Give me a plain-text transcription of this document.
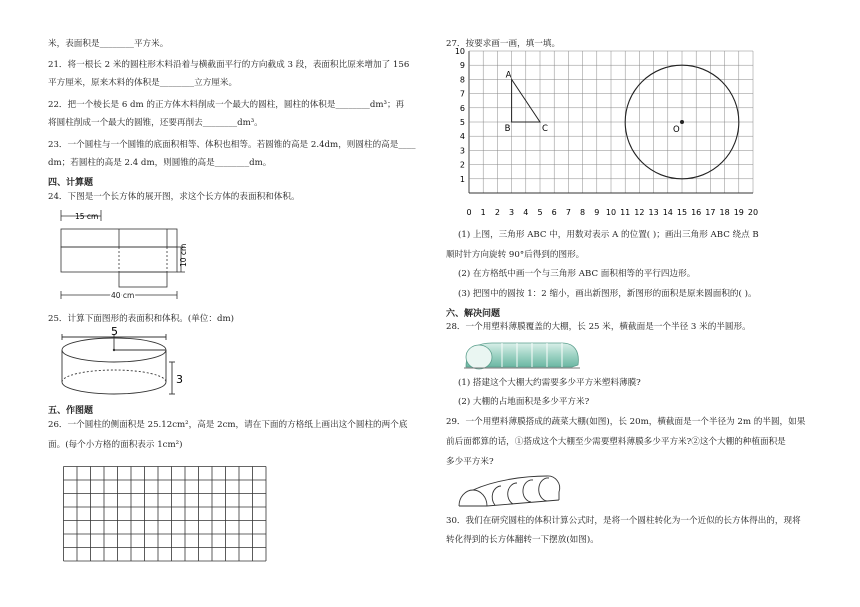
米，表面积是________平方米。
21．将一根长 2 米的圆柱形木料沿着与横截面平行的方向截成 3 段，表面积比原来增加了 156
平方厘米，原来木料的体积是________立方厘米。
22．把一个棱长是 6 dm 的正方体木料削成一个最大的圆柱，圆柱的体积是________dm³；再
将圆柱削成一个最大的圆锥，还要再削去________dm³。
23．一个圆柱与一个圆锥的底面积相等、体积也相等。若圆锥的高是 2.4dm，则圆柱的高是____
dm；若圆柱的高是 2.4 dm，则圆锥的高是________dm。
四、计算题
24．下图是一个长方体的展开图，求这个长方体的表面积和体积。
15 cm
10 cm
40 cm
25．计算下面图形的表面积和体积。(单位：dm)
5
3
五、作图题
26．一个圆柱的侧面积是 25.12cm²，高是 2cm，请在下面的方格纸上画出这个圆柱的两个底
面。(每个小方格的面积表示 1cm²)
27．按要求画一画，填一填。
0 1 2 3 4 5 6 7 8 9 10 11 12 13 14 15 16 17 18 19 20
1
2
3
4
5
6
7
8
9
10
A
B	C	O
(1) 上图，三角形 ABC 中，用数对表示 A 的位置( )；画出三角形 ABC 绕点 B
顺时针方向旋转 90°后得到的图形。
(2) 在方格纸中画一个与三角形 ABC 面积相等的平行四边形。
(3) 把图中的圆按 1：2 缩小，画出新图形，新图形的面积是原来圆面积的( )。
六、解决问题
28．一个用塑料薄膜覆盖的大棚，长 25 米，横截面是一个半径 3 米的半圆形。
(1) 搭建这个大棚大约需要多少平方米塑料薄膜?
(2) 大棚的占地面积是多少平方米?
29．一个用塑料薄膜搭成的蔬菜大棚(如图)，长 20m，横截面是一个半径为 2m 的半圆，如果
前后面都算的话，①搭成这个大棚至少需要塑料薄膜多少平方米?②这个大棚的种植面积是
多少平方米?
30．我们在研究圆柱的体积计算公式时，是将一个圆柱转化为一个近似的长方体得出的，现将
转化得到的长方体翻转一下摆放(如图)。
